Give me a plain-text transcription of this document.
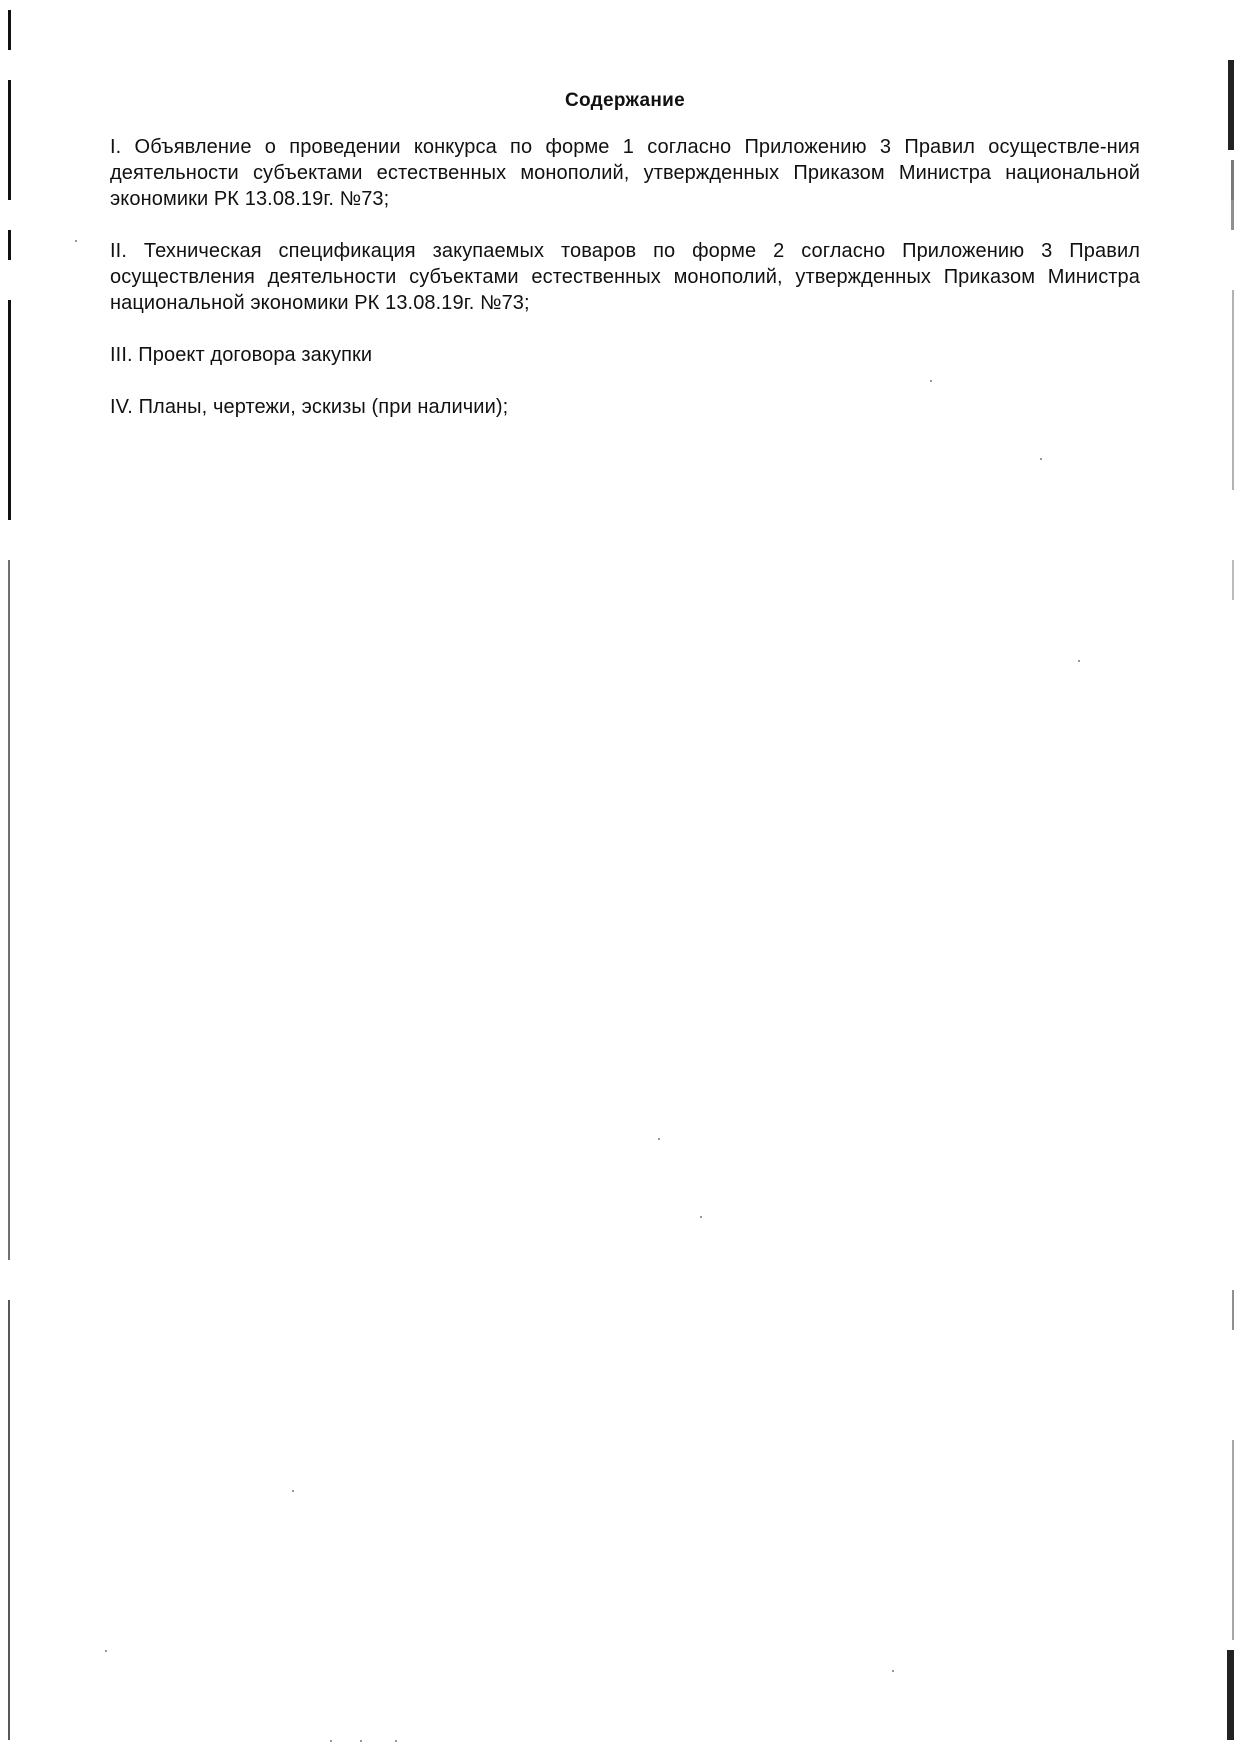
Содержание

I. Объявление о проведении конкурса по форме 1 согласно Приложению 3 Правил осуществле-ния деятельности субъектами естественных монополий, утвержденных Приказом Министра национальной экономики РК 13.08.19г. №73;

II. Техническая спецификация закупаемых товаров по форме 2 согласно Приложению 3 Правил осуществления деятельности субъектами естественных монополий, утвержденных Приказом Министра национальной экономики РК 13.08.19г. №73;

III. Проект договора закупки

IV. Планы, чертежи, эскизы (при наличии);
